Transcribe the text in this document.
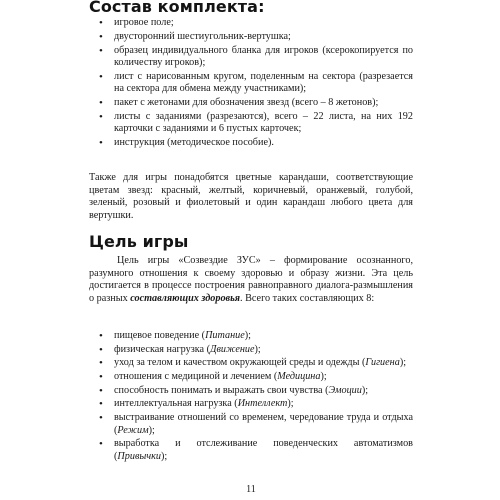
Состав комплекта:
• игровое поле;
• двусторонний шестиугольник-вертушка;
• образец индивидуального бланка для игроков (ксерокопируется по количеству игроков);
• лист с нарисованным кругом, поделенным на сектора (разрезается на сектора для обмена между участниками);
• пакет с жетонами для обозначения звезд (всего – 8 жетонов);
• листы с заданиями (разрезаются), всего – 22 листа, на них 192 карточки с заданиями и 6 пустых карточек;
• инструкция (методическое пособие).

Также для игры понадобятся цветные карандаши, соответствующие цветам звезд: красный, желтый, коричневый, оранжевый, голубой, зеленый, розовый и фиолетовый и один карандаш любого цвета для вертушки.

Цель игры

Цель игры «Созвездие ЗУС» – формирование осознанного, разумного отношения к своему здоровью и образу жизни. Эта цель достигается в процессе построения равноправного диалога-размышления о разных составляющих здоровья. Всего таких составляющих 8:

• пищевое поведение (Питание);
• физическая нагрузка (Движение);
• уход за телом и качеством окружающей среды и одежды (Гигиена);
• отношения с медициной и лечением (Медицина);
• способность понимать и выражать свои чувства (Эмоции);
• интеллектуальная нагрузка (Интеллект);
• выстраивание отношений со временем, чередование труда и отдыха (Режим);
• выработка и отслеживание поведенческих автоматизмов (Привычки);
11
